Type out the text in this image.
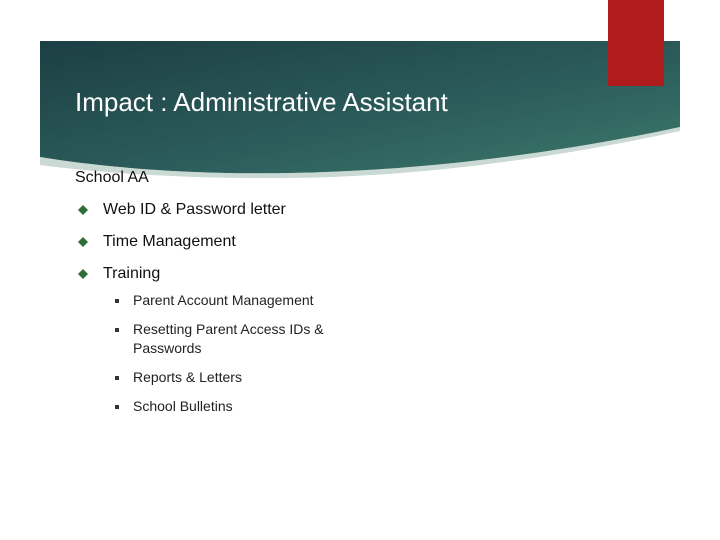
Impact : Administrative Assistant
School AA
Web ID & Password letter
Time Management
Training
Parent Account Management
Resetting Parent Access IDs & Passwords
Reports & Letters
School Bulletins
